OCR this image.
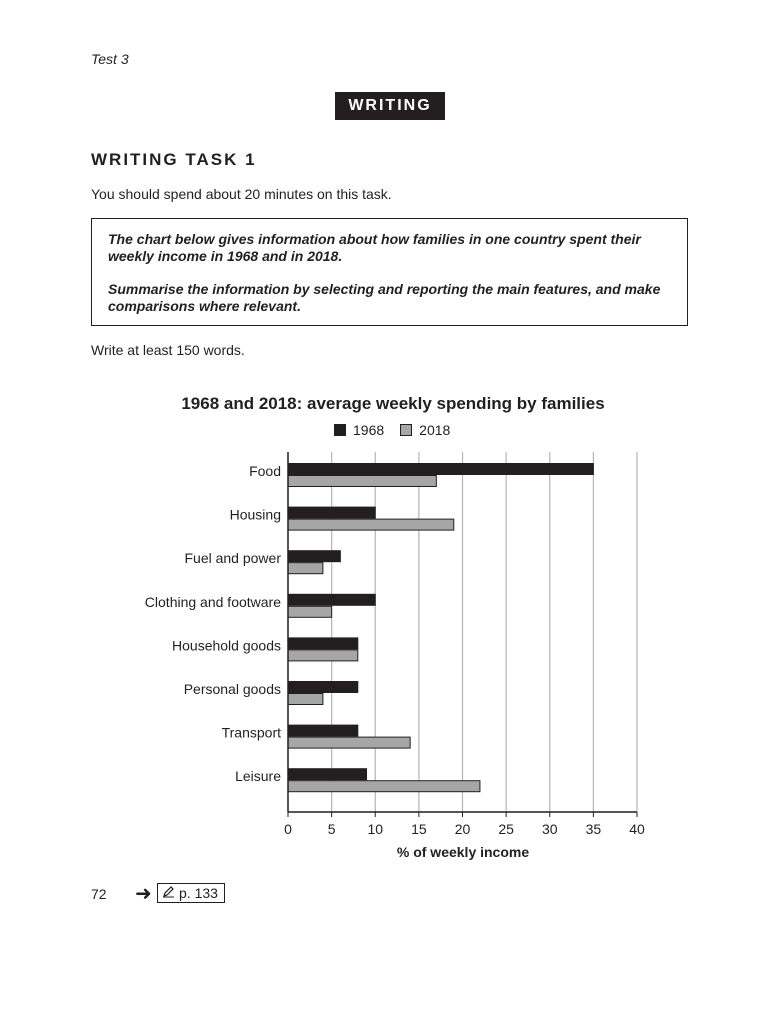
Test 3
WRITING
WRITING TASK 1
You should spend about 20 minutes on this task.

The chart below gives information about how families in one country spent their weekly income in 1968 and in 2018.

Summarise the information by selecting and reporting the main features, and make comparisons where relevant.

Write at least 150 words.
1968 and 2018: average weekly spending by families
1968	2018
Food
Housing
Fuel and power
Clothing and footware
Household goods
Personal goods
Transport
Leisure
0	5 10 15 20 25 30 35 40
% of weekly income
72 ➜ p. 133
